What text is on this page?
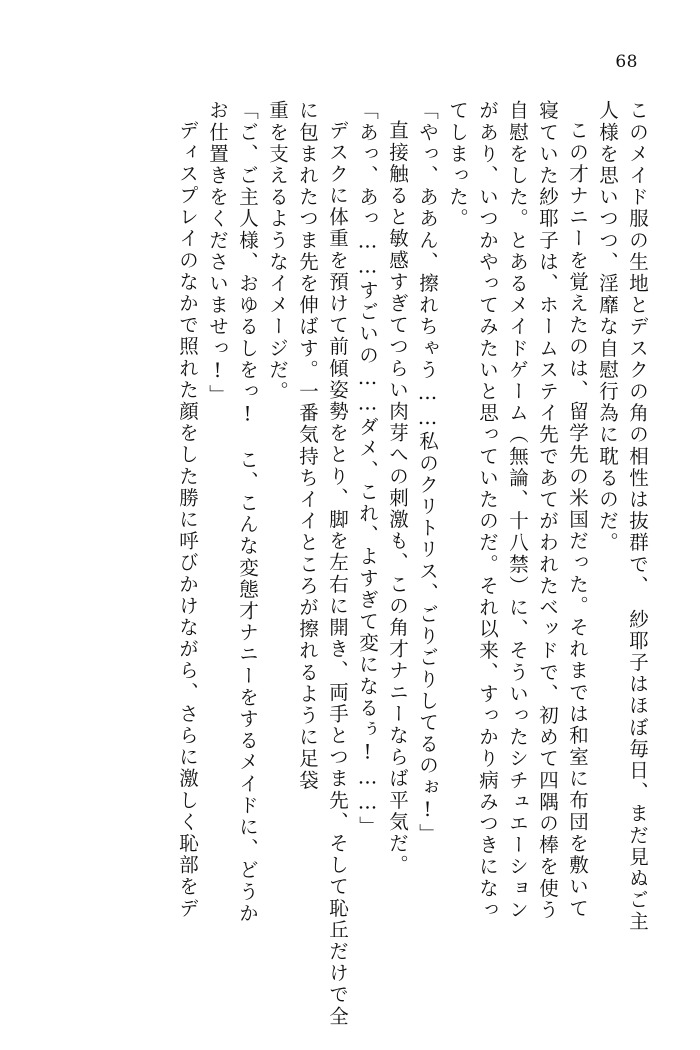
68
このメイド服の生地とデスクの角の相性は抜群で、　紗耶子はほぼ毎日、まだ見ぬご主
人様を思いつつ、淫靡な自慰行為に耽るのだ。
この才ナニーを覚えたのは、留学先の米国だった。それまでは和室に布団を敷いて
寝ていた紗耶子は、ホームステイ先であてがわれたベッドで、初めて四隅の棒を使う
自慰をした。とあるメイドゲーム（無論、十八禁）に、そういったシチュエーション
があり、いつかやってみたいと思っていたのだ。それ以来、すっかり病みつきになっ
てしまった。
「やっ、ああん、擦れちゃう……私のクリトリス、ごりごりしてるのぉ!」
直接触ると敏感すぎてつらい肉芽への刺激も、この角才ナニーならば平気だ。
「あっ、あっ……すごいの……ダメ、これ、よすぎて変になるぅ!……」
デスクに体重を預けて前傾姿勢をとり、脚を左右に開き、両手とつま先、そして恥丘だけで全
に包まれたつま先を伸ばす。一番気持ちイイところが擦れるように足袋
重を支えるようなイメージだ。
「ご、ご主人様、おゆるしをっ!　こ、こんな変態才ナニーをするメイドに、どうか
お仕置きをくださいませっ!」
ディスプレイのなかで照れた顔をした勝に呼びかけながら、さらに激しく恥部をデ
